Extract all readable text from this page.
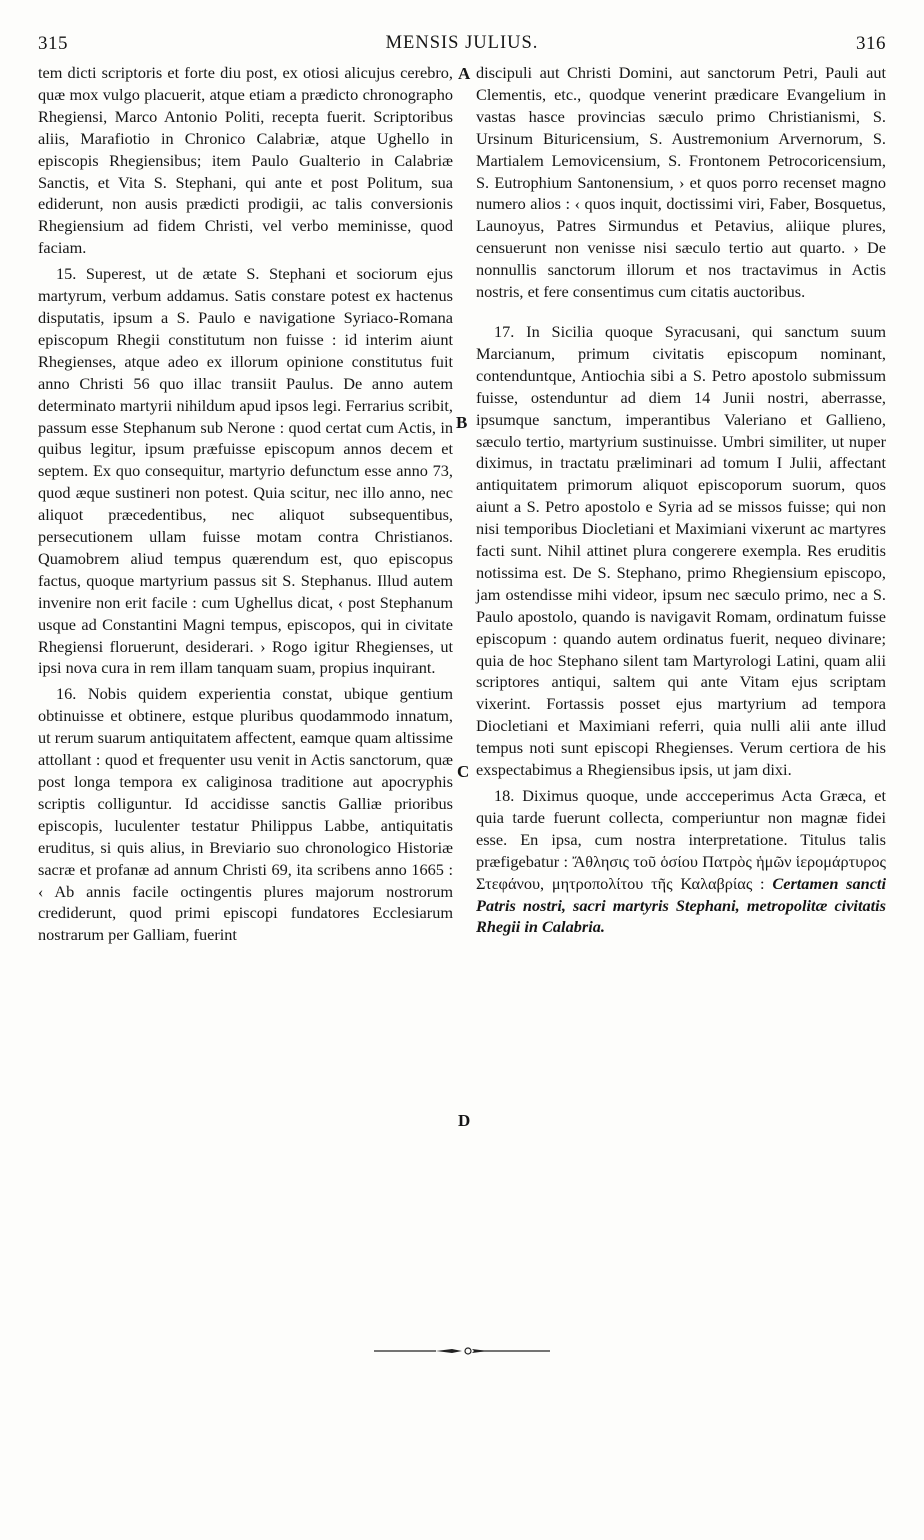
315	MENSIS JULIUS.	316

tem dicti scriptoris et forte diu post, ex otiosi alicujus cerebro, quæ mox vulgo placuerit, atque etiam a prædicto chronographo Rhegiensi, Marco Antonio Politi, recepta fuerit. Scriptoribus aliis, Marafiotio in Chronico Calabriæ, atque Ughello in episcopis Rhegiensibus; item Paulo Gualterio in Calabriæ Sanctis, et Vita S. Stephani, qui ante et post Politum, sua ediderunt, non ausis prædicti prodigii, ac talis conversionis Rhegiensium ad fidem Christi, vel verbo meminisse, quod faciam.

15. Superest, ut de ætate S. Stephani et sociorum ejus martyrum, verbum addamus. Satis constare potest ex hactenus disputatis, ipsum a S. Paulo e navigatione Syriaco-Romana episcopum Rhegii constitutum non fuisse : id interim aiunt Rhegienses, atque adeo ex illorum opinione constitutus fuit anno Christi 56 quo illac transiit Paulus. De anno autem determinato martyrii nihildum apud ipsos legi. Ferrarius scribit, passum esse Stephanum sub Nerone : quod certat cum Actis, in quibus legitur, ipsum præfuisse episcopum annos decem et septem. Ex quo consequitur, martyrio defunctum esse anno 73, quod æque sustineri non potest. Quia scitur, nec illo anno, nec aliquot præcedentibus, nec aliquot subsequentibus, persecutionem ullam fuisse motam contra Christianos. Quamobrem aliud tempus quærendum est, quo episcopus factus, quoque martyrium passus sit S. Stephanus. Illud autem invenire non erit facile : cum Ughellus dicat, ‹ post Stephanum usque ad Constantini Magni tempus, episcopos, qui in civitate Rhegiensi floruerunt, desiderari. › Rogo igitur Rhegienses, ut ipsi nova cura in rem illam tanquam suam, propius inquirant.

16. Nobis quidem experientia constat, ubique gentium obtinuisse et obtinere, estque pluribus quodammodo innatum, ut rerum suarum antiquitatem affectent, eamque quam altissime attollant : quod et frequenter usu venit in Actis sanctorum, quæ post longa tempora ex caliginosa traditione aut apocryphis scriptis colliguntur. Id accidisse sanctis Galliæ prioribus episcopis, luculenter testatur Philippus Labbe, antiquitatis eruditus, si quis alius, in Breviario suo chronologico Historiæ sacræ et profanæ ad annum Christi 69, ita scribens anno 1665 : ‹ Ab annis facile octingentis plures majorum nostrorum crediderunt, quod primi episcopi fundatores Ecclesiarum nostrarum per Galliam, fuerint

discipuli aut Christi Domini, aut sanctorum Petri, Pauli aut Clementis, etc., quodque venerint prædicare Evangelium in vastas hasce provincias sæculo primo Christianismi, S. Ursinum Bituricensium, S. Austremonium Arvernorum, S. Martialem Lemovicensium, S. Frontonem Petrocoricensium, S. Eutrophium Santonensium, › et quos porro recenset magno numero alios : ‹ quos inquit, doctissimi viri, Faber, Bosquetus, Launoyus, Patres Sirmundus et Petavius, aliique plures, censuerunt non venisse nisi sæculo tertio aut quarto. › De nonnullis sanctorum illorum et nos tractavimus in Actis nostris, et fere consentimus cum citatis auctoribus.

17. In Sicilia quoque Syracusani, qui sanctum suum Marcianum, primum civitatis episcopum nominant, contenduntque, Antiochia sibi a S. Petro apostolo submissum fuisse, ostenduntur ad diem 14 Junii nostri, aberrasse, ipsumque sanctum, imperantibus Valeriano et Gallieno, sæculo tertio, martyrium sustinuisse. Umbri similiter, ut nuper diximus, in tractatu præliminari ad tomum I Julii, affectant antiquitatem primorum aliquot episcoporum suorum, quos aiunt a S. Petro apostolo e Syria ad se missos fuisse; qui non nisi temporibus Diocletiani et Maximiani vixerunt ac martyres facti sunt. Nihil attinet plura congerere exempla. Res eruditis notissima est. De S. Stephano, primo Rhegiensium episcopo, jam ostendisse mihi videor, ipsum nec sæculo primo, nec a S. Paulo apostolo, quando is navigavit Romam, ordinatum fuisse episcopum : quando autem ordinatus fuerit, nequeo divinare; quia de hoc Stephano silent tam Martyrologi Latini, quam alii scriptores antiqui, saltem qui ante Vitam ejus scriptam vixerint. Fortassis posset ejus martyrium ad tempora Diocletiani et Maximiani referri, quia nulli alii ante illud tempus noti sunt episcopi Rhegienses. Verum certiora de his exspectabimus a Rhegiensibus ipsis, ut jam dixi.

18. Diximus quoque, unde accceperimus Acta Græca, et quia tarde fuerunt collecta, comperiuntur non magnæ fidei esse. En ipsa, cum nostra interpretatione. Titulus talis præfigebatur : Ἄθλησις τοῦ ὁσίου Πατρὸς ἡμῶν ἱερομάρτυρος Στεφάνου, μητροπολίτου τῆς Καλαβρίας : Certamen sancti Patris nostri, sacri martyris Stephani, metropolitæ civitatis Rhegii in Calabria.

A
B
C
D
